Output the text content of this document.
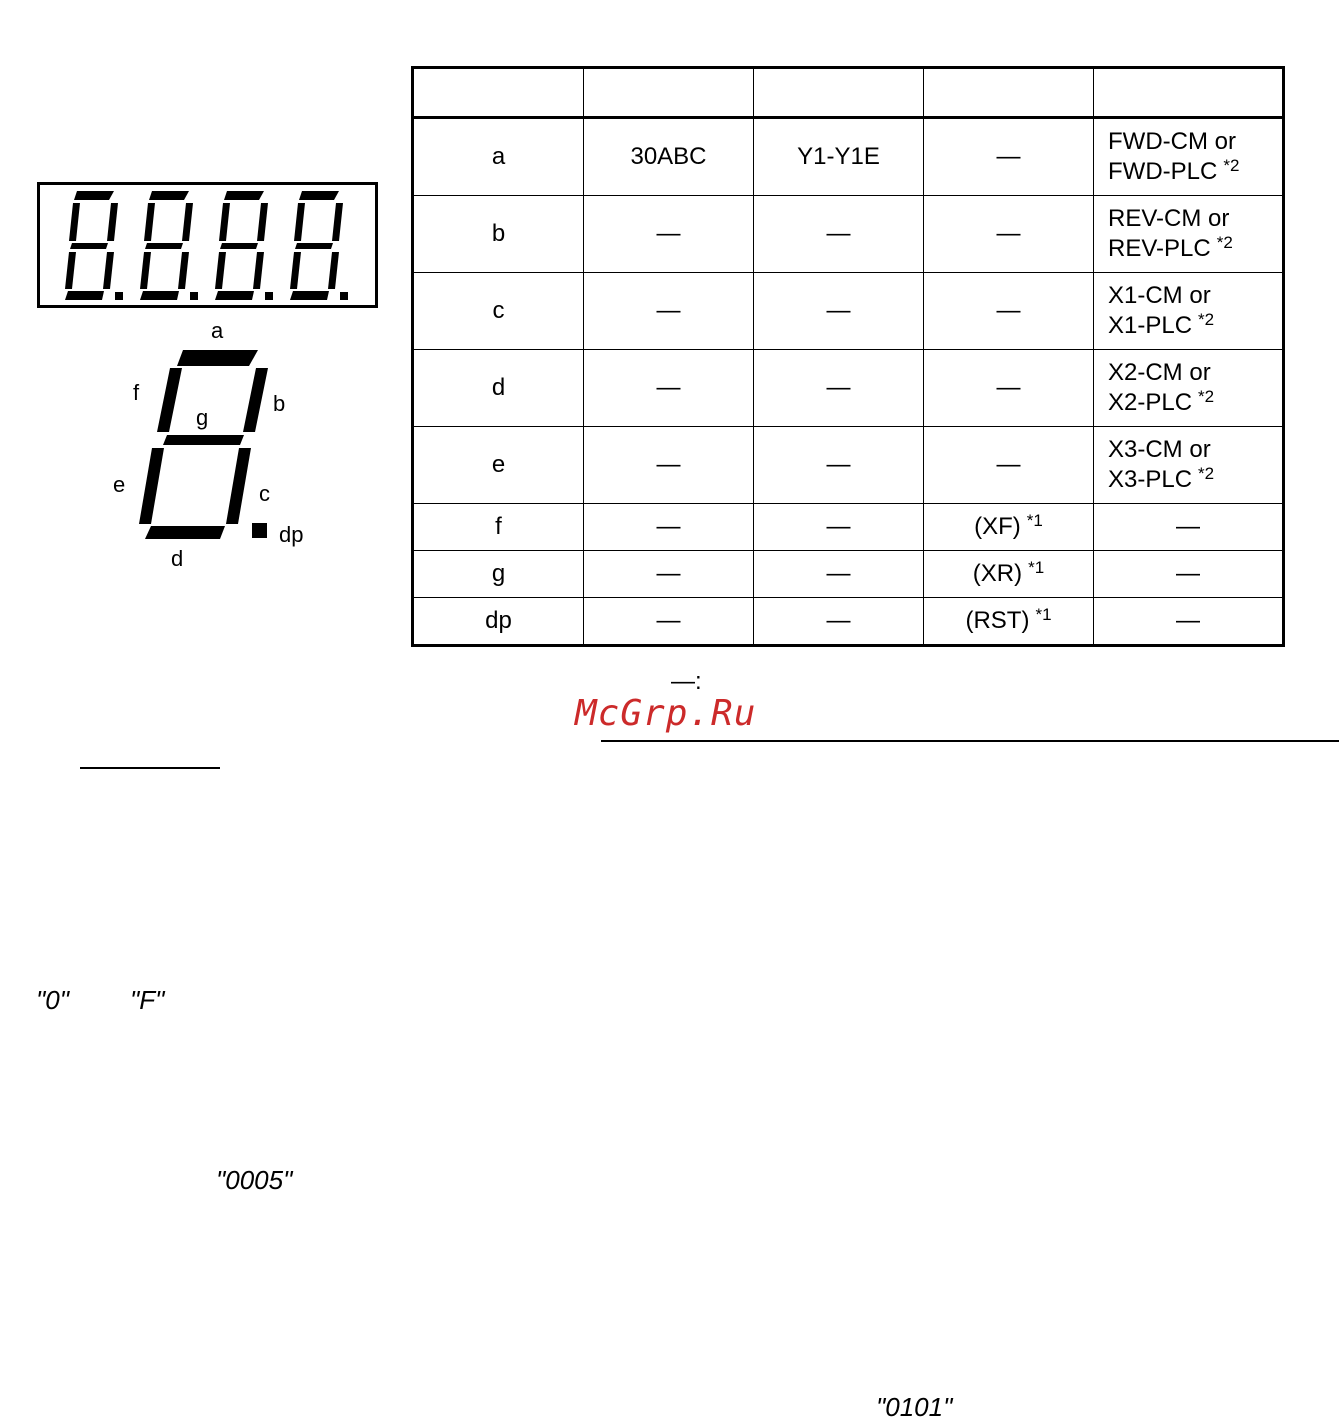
a
b
c
d
e
f
g
dp

a	30ABC	Y1-Y1E	—	FWD-CM or
FWD-PLC $^{*2}$

b	—	—	—	REV-CM or
REV-PLC $^{*2}$

c	—	—	—	X1-CM or
X1-PLC $^{*2}$

d	—	—	—	X2-CM or
X2-PLC $^{*2}$

e	—	—	—	X3-CM or
X3-PLC $^{*2}$

f	—	—	(XF) $^{*1}$	—
g	—	—	(XR) $^{*1}$	—
dp	—	—	(RST) $^{*1}$	—
—:
McGrp.Ru
"0" "F"
"0005"
"0101"
